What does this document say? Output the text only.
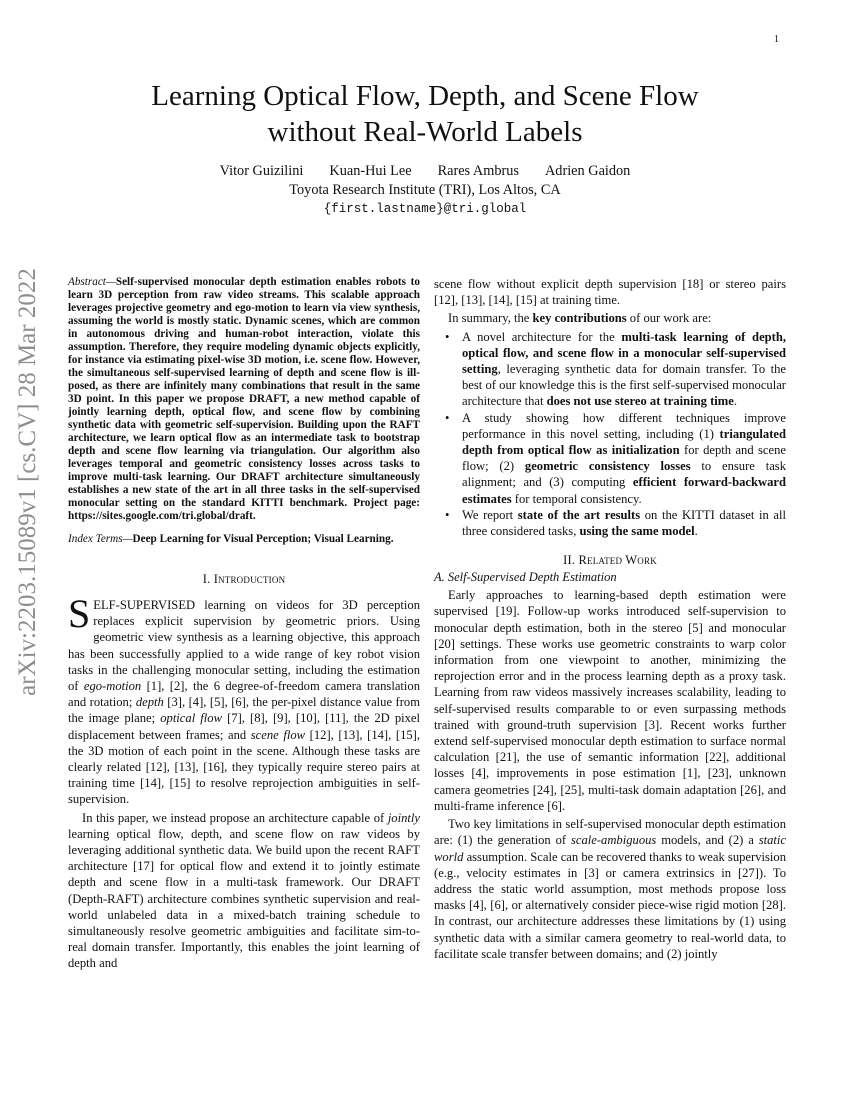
1
arXiv:2203.15089v1 [cs.CV] 28 Mar 2022
Learning Optical Flow, Depth, and Scene Flow
without Real-World Labels
Vitor Guizilini Kuan-Hui Lee Rares Ambrus Adrien Gaidon
Toyota Research Institute (TRI), Los Altos, CA
{first.lastname}@tri.global

Abstract—Self-supervised monocular depth estimation enables robots to learn 3D perception from raw video streams. This scalable approach leverages projective geometry and ego-motion to learn via view synthesis, assuming the world is mostly static. Dynamic scenes, which are common in autonomous driving and human-robot interaction, violate this assumption. Therefore, they require modeling dynamic objects explicitly, for instance via estimating pixel-wise 3D motion, i.e. scene flow. However, the simultaneous self-supervised learning of depth and scene flow is ill-posed, as there are infinitely many combinations that result in the same 3D point. In this paper we propose DRAFT, a new method capable of jointly learning depth, optical flow, and scene flow by combining synthetic data with geometric self-supervision. Building upon the RAFT architecture, we learn optical flow as an intermediate task to bootstrap depth and scene flow learning via triangulation. Our algorithm also leverages temporal and geometric consistency losses across tasks to improve multi-task learning. Our DRAFT architecture simultaneously establishes a new state of the art in all three tasks in the self-supervised monocular setting on the standard KITTI benchmark. Project page: https://sites.google.com/tri.global/draft.

Index Terms—Deep Learning for Visual Perception; Visual Learning.

I. Introduction

SELF-SUPERVISED learning on videos for 3D perception replaces explicit supervision by geometric priors. Using geometric view synthesis as a learning objective, this approach has been successfully applied to a wide range of key robot vision tasks in the challenging monocular setting, including the estimation of ego-motion [1], [2], the 6 degree-of-freedom camera translation and rotation; depth [3], [4], [5], [6], the per-pixel distance value from the image plane; optical flow [7], [8], [9], [10], [11], the 2D pixel displacement between frames; and scene flow [12], [13], [14], [15], the 3D motion of each point in the scene. Although these tasks are clearly related [12], [13], [16], they typically require stereo pairs at training time [14], [15] to resolve reprojection ambiguities in self-supervision.

In this paper, we instead propose an architecture capable of jointly learning optical flow, depth, and scene flow on raw videos by leveraging additional synthetic data. We build upon the recent RAFT architecture [17] for optical flow and extend it to jointly estimate depth and scene flow in a multi-task framework. Our DRAFT (Depth-RAFT) architecture combines synthetic supervision and real-world unlabeled data in a mixed-batch training schedule to simultaneously resolve geometric ambiguities and facilitate sim-to-real domain transfer. Importantly, this enables the joint learning of depth and

scene flow without explicit depth supervision [18] or stereo pairs [12], [13], [14], [15] at training time.

In summary, the key contributions of our work are:

• A novel architecture for the multi-task learning of depth, optical flow, and scene flow in a monocular self-supervised setting, leveraging synthetic data for domain transfer. To the best of our knowledge this is the first self-supervised monocular architecture that does not use stereo at training time.
• A study showing how different techniques improve performance in this novel setting, including (1) triangulated depth from optical flow as initialization for depth and scene flow; (2) geometric consistency losses to ensure task alignment; and (3) computing efficient forward-backward estimates for temporal consistency.
• We report state of the art results on the KITTI dataset in all three considered tasks, using the same model.
II. Related Work
A. Self-Supervised Depth Estimation

Early approaches to learning-based depth estimation were supervised [19]. Follow-up works introduced self-supervision to monocular depth estimation, both in the stereo [5] and monocular [20] settings. These works use geometric constraints to warp color information from one viewpoint to another, minimizing the reprojection error and in the process learning depth as a proxy task. Learning from raw videos massively increases scalability, leading to self-supervised results comparable to or even surpassing methods trained with ground-truth supervision [3]. Recent works further extend self-supervised monocular depth estimation to surface normal calculation [21], the use of semantic information [22], additional losses [4], improvements in pose estimation [1], [23], unknown camera geometries [24], [25], multi-task domain adaptation [26], and multi-frame inference [6].

Two key limitations in self-supervised monocular depth estimation are: (1) the generation of scale-ambiguous models, and (2) a static world assumption. Scale can be recovered thanks to weak supervision (e.g., velocity estimates in [3] or camera extrinsics in [27]). To address the static world assumption, most methods propose loss masks [4], [6], or alternatively consider piece-wise rigid motion [28]. In contrast, our architecture addresses these limitations by (1) using synthetic data with a similar camera geometry to real-world data, to facilitate scale transfer between domains; and (2) jointly
